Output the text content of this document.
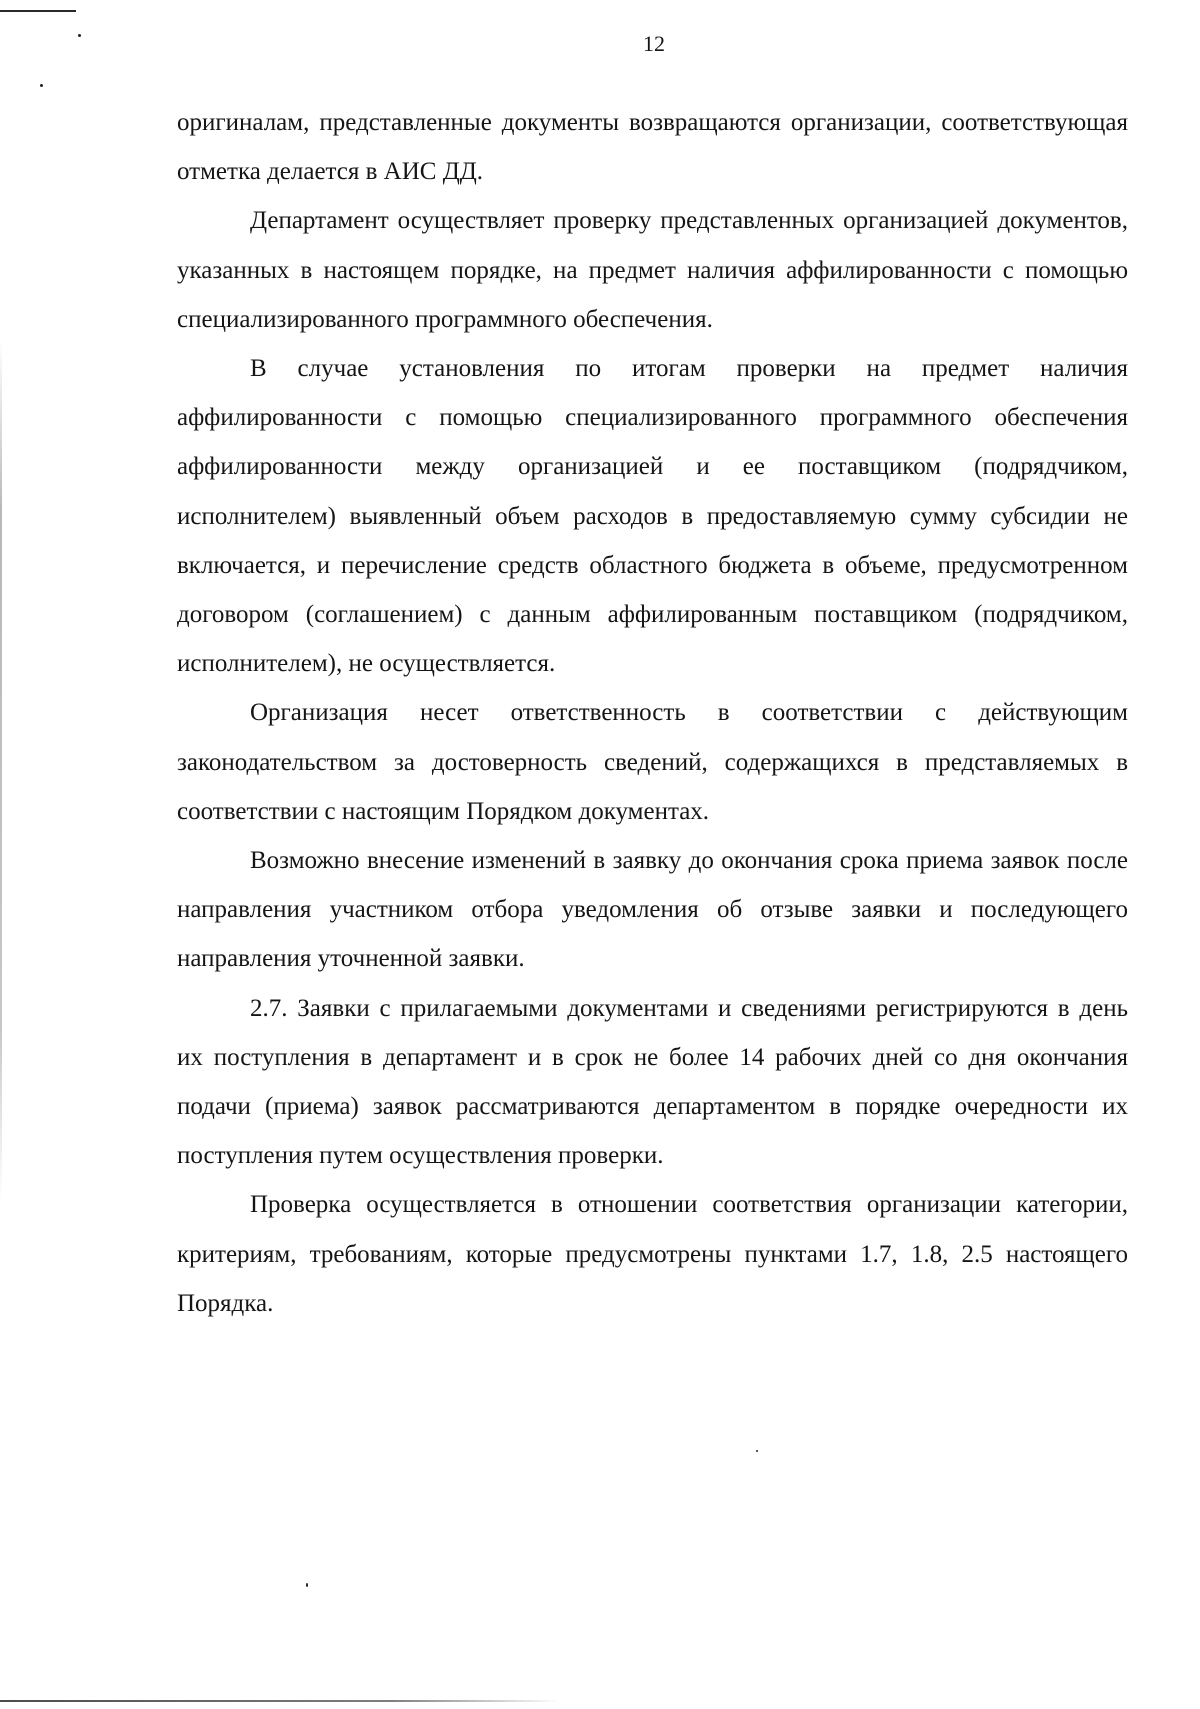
12

оригиналам, представленные документы возвращаются организации, соответствующая отметка делается в АИС ДД.

Департамент осуществляет проверку представленных организацией документов, указанных в настоящем порядке, на предмет наличия аффилированности с помощью специализированного программного обеспечения.

В случае установления по итогам проверки на предмет наличия аффилированности с помощью специализированного программного обеспечения аффилированности между организацией и ее поставщиком (подрядчиком, исполнителем) выявленный объем расходов в предоставляемую сумму субсидии не включается, и перечисление средств областного бюджета в объеме, предусмотренном договором (соглашением) с данным аффилированным поставщиком (подрядчиком, исполнителем), не осуществляется.

Организация несет ответственность в соответствии с действующим законодательством за достоверность сведений, содержащихся в представляемых в соответствии с настоящим Порядком документах.

Возможно внесение изменений в заявку до окончания срока приема заявок после направления участником отбора уведомления об отзыве заявки и последующего направления уточненной заявки.

2.7. Заявки с прилагаемыми документами и сведениями регистрируются в день их поступления в департамент и в срок не более 14 рабочих дней со дня окончания подачи (приема) заявок рассматриваются департаментом в порядке очередности их поступления путем осуществления проверки.

Проверка осуществляется в отношении соответствия организации категории, критериям, требованиям, которые предусмотрены пунктами 1.7, 1.8, 2.5 настоящего Порядка.
